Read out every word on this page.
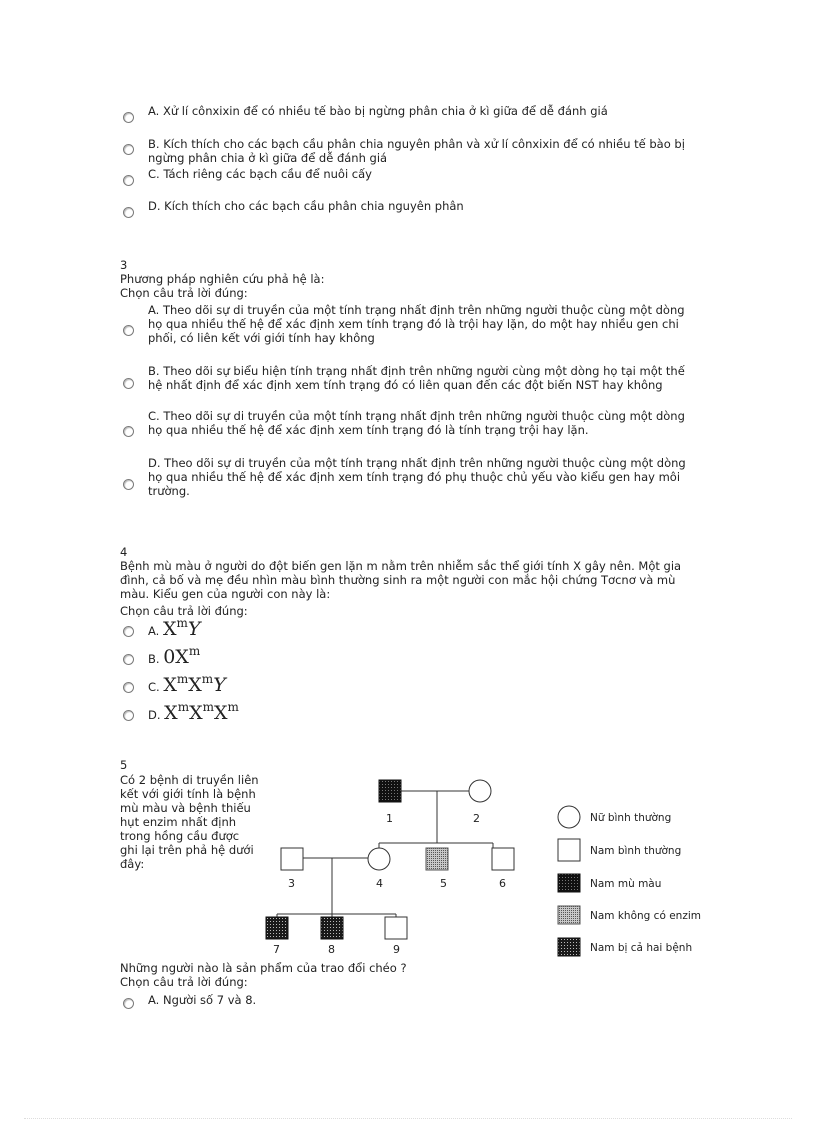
A. Xử lí cônxixin để có nhiều tế bào bị ngừng phân chia ở kì giữa để dễ đánh giá
B. Kích thích cho các bạch cầu phân chia nguyên phân và xử lí cônxixin để có nhiều tế bào bị ngừng phân chia ở kì giữa để dễ đánh giá
C. Tách riêng các bạch cầu để nuôi cấy
D. Kích thích cho các bạch cầu phân chia nguyên phân
3
Phương pháp nghiên cứu phả hệ là:
Chọn câu trả lời đúng:
A. Theo dõi sự di truyền của một tính trạng nhất định trên những người thuộc cùng một dòng họ qua nhiều thế hệ để xác định xem tính trạng đó là trội hay lặn, do một hay nhiều gen chi phối, có liên kết với giới tính hay không
B. Theo dõi sự biểu hiện tính trạng nhất định trên những người cùng một dòng họ tại một thế hệ nhất định để xác định xem tính trạng đó có liên quan đến các đột biến NST hay không
C. Theo dõi sự di truyền của một tính trạng nhất định trên những người thuộc cùng một dòng họ qua nhiều thế hệ để xác định xem tính trạng đó là tính trạng trội hay lặn.
D. Theo dõi sự di truyền của một tính trạng nhất định trên những người thuộc cùng một dòng họ qua nhiều thế hệ để xác định xem tính trạng đó phụ thuộc chủ yếu vào kiểu gen hay môi trường.
4
Bệnh mù màu ở người do đột biến gen lặn m nằm trên nhiễm sắc thể giới tính X gây nên. Một gia đình, cả bố và mẹ đều nhìn màu bình thường sinh ra một người con mắc hội chứng Tơcnơ và mù màu. Kiểu gen của người con này là:
Chọn câu trả lời đúng:
A. $X^mY$
B. $0X^m$
C. $X^mX^mY$
D. $X^mX^mX^m$
5
Có 2 bệnh di truyền liên kết với giới tính là bệnh mù màu và bệnh thiếu hụt enzim nhất định trong hồng cầu được ghi lại trên phả hệ dưới đây:
1	2
3	4	5	6
7	8	9
Nữ bình thường
Nam bình thường
Nam mù màu
Nam không có enzim
Nam bị cả hai bệnh
Những người nào là sản phẩm của trao đổi chéo ?
Chọn câu trả lời đúng:
A. Người số 7 và 8.
